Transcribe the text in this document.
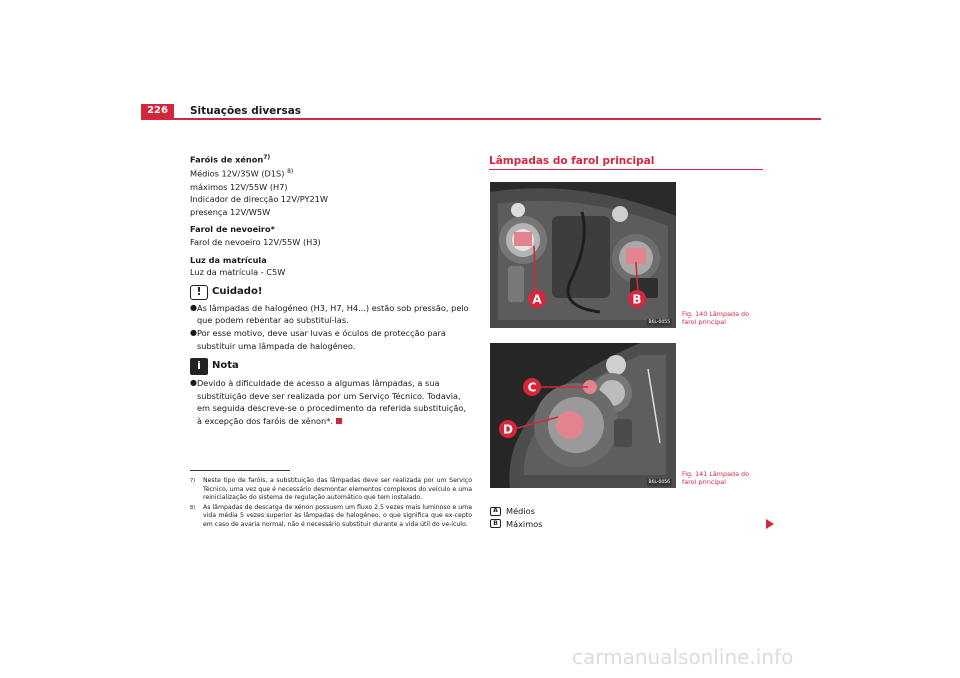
226	Situações diversas
Faróis de xénon$^{7)}$
Médios 12V/35W (D1S) $^{8)}$
máximos 12V/55W (H7)
Indicador de direcção 12V/PY21W
presença 12V/W5W
Farol de nevoeiro*
Farol de nevoeiro 12V/55W (H3)
Luz da matrícula
Luz da matrícula - C5W
!	Cuidado!
● As lâmpadas de halogéneo (H3, H7, H4...) estão sob pressão, pelo que podem rebentar ao substituí-las.
● Por esse motivo, deve usar luvas e óculos de protecção para substituir uma lâmpada de halogéneo.
i	Nota
● Devido à dificuldade de acesso a algumas lâmpadas, a sua substituição deve ser realizada por um Serviço Técnico. Todavia, em seguida descreve-se o procedimento da referida substituição, à excepção dos faróis de xénon*.
7)	Neste tipo de faróis, a substituição das lâmpadas deve ser realizada por um Serviço Técnico, uma vez que é necessário desmontar elementos complexos do veículo e uma reinicialização do sistema de regulação automático que tem instalado.
8)	As lâmpadas de descarga de xénon possuem um fluxo 2,5 vezes mais luminoso e uma vida média 5 vezes superior às lâmpadas de halogéneo, o que significa que ex-cepto em caso de avaria normal, não é necessário substituir durante a vida útil do ve-ículo.
Lâmpadas do farol principal
A	B
B6L-0055
Fig. 140 Lâmpada do
farol principal
C
D
B6L-0056
Fig. 141 Lâmpada do
farol principal
A Médios
B	Máximos
carmanualsonline.info
